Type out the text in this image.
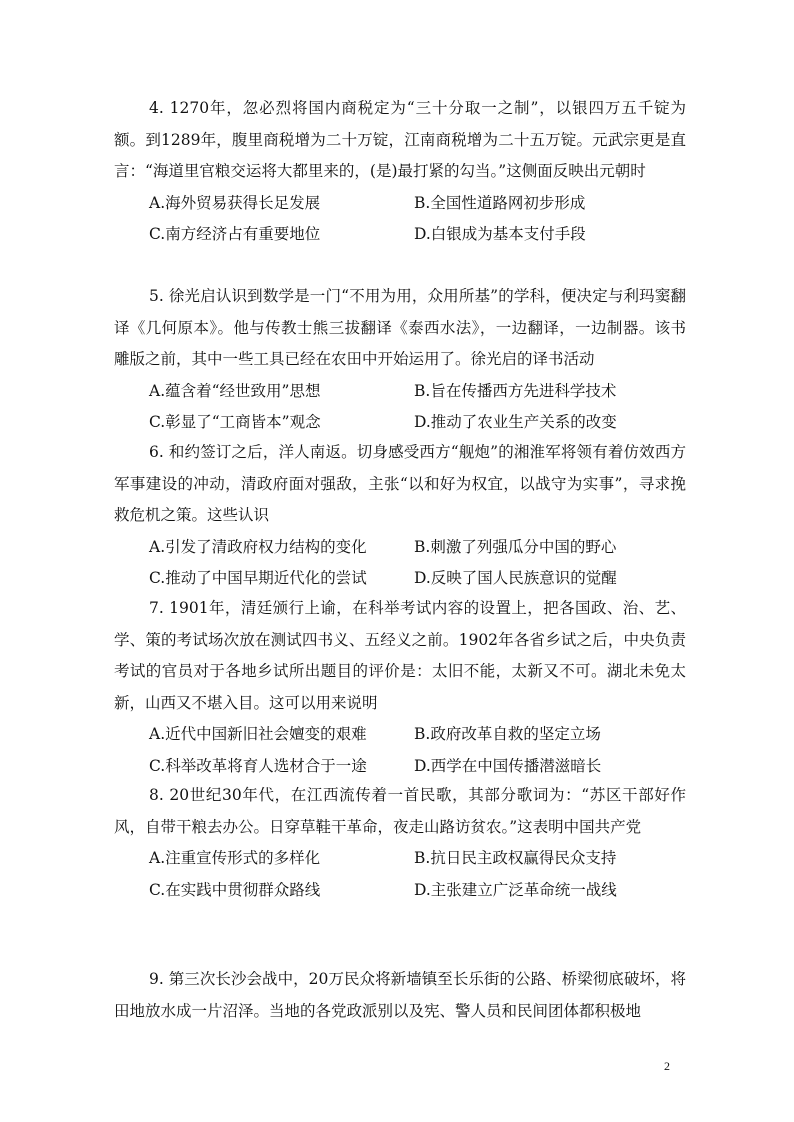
4. 1270年，忽必烈将国内商税定为“三十分取一之制”，以银四万五千锭为额。到1289年，腹里商税增为二十万锭，江南商税增为二十五万锭。元武宗更是直言：“海道里官粮交运将大都里来的，(是)最打紧的勾当。”这侧面反映出元朝时

A.海外贸易获得长足发展	B.全国性道路网初步形成
C.南方经济占有重要地位	D.白银成为基本支付手段

5. 徐光启认识到数学是一门“不用为用，众用所基”的学科，便决定与利玛窦翻译《几何原本》。他与传教士熊三拔翻译《泰西水法》，一边翻译，一边制器。该书雕版之前，其中一些工具已经在农田中开始运用了。徐光启的译书活动

A.蕴含着“经世致用”思想	B.旨在传播西方先进科学技术
C.彰显了“工商皆本”观念	D.推动了农业生产关系的改变

6. 和约签订之后，洋人南返。切身感受西方“舰炮”的湘淮军将领有着仿效西方军事建设的冲动，清政府面对强敌，主张“以和好为权宜，以战守为实事”，寻求挽救危机之策。这些认识

A.引发了清政府权力结构的变化	B.刺激了列强瓜分中国的野心
C.推动了中国早期近代化的尝试	D.反映了国人民族意识的觉醒

7. 1901年，清廷颁行上谕，在科举考试内容的设置上，把各国政、治、艺、学、策的考试场次放在测试四书义、五经义之前。1902年各省乡试之后，中央负责考试的官员对于各地乡试所出题目的评价是：太旧不能，太新又不可。湖北未免太新，山西又不堪入目。这可以用来说明

A.近代中国新旧社会嬗变的艰难	B.政府改革自救的坚定立场
C.科举改革将育人选材合于一途	D.西学在中国传播潜滋暗长

8. 20世纪30年代，在江西流传着一首民歌，其部分歌词为：“苏区干部好作风，自带干粮去办公。日穿草鞋干革命，夜走山路访贫农。”这表明中国共产党

A.注重宣传形式的多样化	B.抗日民主政权赢得民众支持
C.在实践中贯彻群众路线	D.主张建立广泛革命统一战线

9. 第三次长沙会战中，20万民众将新墙镇至长乐街的公路、桥梁彻底破坏，将田地放水成一片沼泽。当地的各党政派别以及宪、警人员和民间团体都积极地

2
